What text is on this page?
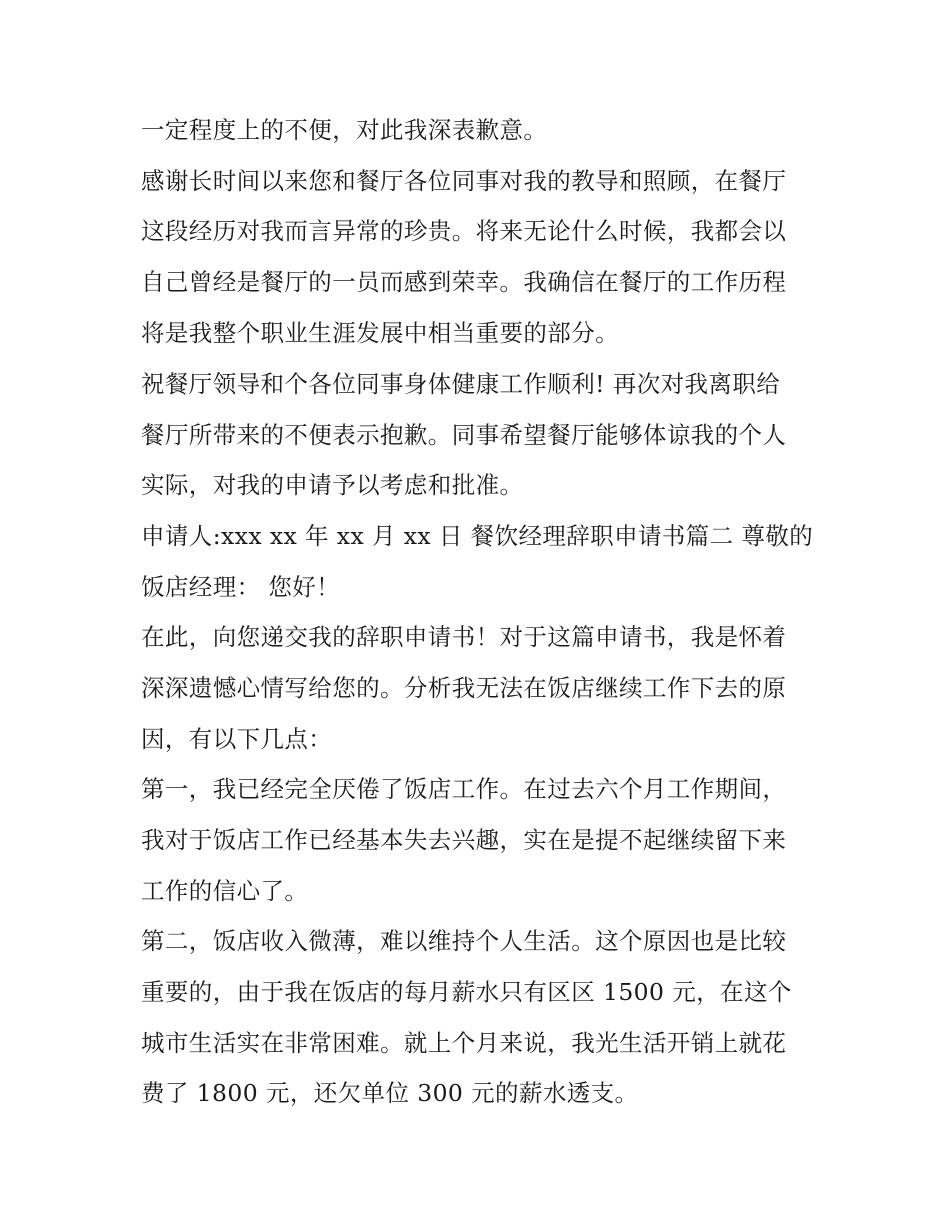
一定程度上的不便，对此我深表歉意。
感谢长时间以来您和餐厅各位同事对我的教导和照顾，在餐厅
这段经历对我而言异常的珍贵。将来无论什么时候，我都会以
自己曾经是餐厅的一员而感到荣幸。我确信在餐厅的工作历程
将是我整个职业生涯发展中相当重要的部分。
祝餐厅领导和个各位同事身体健康工作顺利! 再次对我离职给
餐厅所带来的不便表示抱歉。同事希望餐厅能够体谅我的个人
实际，对我的申请予以考虑和批准。
申请人:xxx xx 年 xx 月 xx 日 餐饮经理辞职申请书篇二 尊敬的
饭店经理： 您好！
在此，向您递交我的辞职申请书！对于这篇申请书，我是怀着
深深遗憾心情写给您的。分析我无法在饭店继续工作下去的原
因，有以下几点：
第一，我已经完全厌倦了饭店工作。在过去六个月工作期间，
我对于饭店工作已经基本失去兴趣，实在是提不起继续留下来
工作的信心了。
第二，饭店收入微薄，难以维持个人生活。这个原因也是比较
重要的，由于我在饭店的每月薪水只有区区 1500 元，在这个
城市生活实在非常困难。就上个月来说，我光生活开销上就花
费了 1800 元，还欠单位 300 元的薪水透支。
